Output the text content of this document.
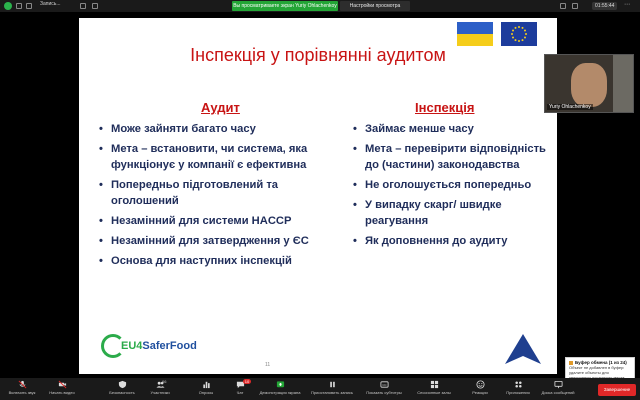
Запись...	Вы просматриваете экран Yuriy Ohlachenkoy	Настройки просмотра	01:55:44	⋯
Інспекція у порівнянні аудитом
Аудит	Інспекція
• Може зайняти багато часу
• Мета – встановити, чи система, яка функціонує у компанії є ефективна
• Попередньо підготовлений та оголошений
• Незамінний для системи HACCP
• Незамінний для затвердження у ЄС
• Основа для наступних інспекцій
• Займає менше часу
• Мета – перевірити відповідність до (частини) законодавства
• Не оголошується попередньо
• У випадку скарг/ швидке реагування
• Як доповнення до аудиту
EU4SaferFood
11
Yuriy Ohlachenkoy
Буфер обмена (1 из 24)
Объект не добавлен в буфер: удалите объекты для
Включить звук	Начать видео	Безопасность
66
Участники	Опросы
10
Чат	Демонстрация экрана	Приостановить запись
CC
Показать субтитры	Сессионные залы	Реакции	Приложения	Доска сообщений
Завершение
